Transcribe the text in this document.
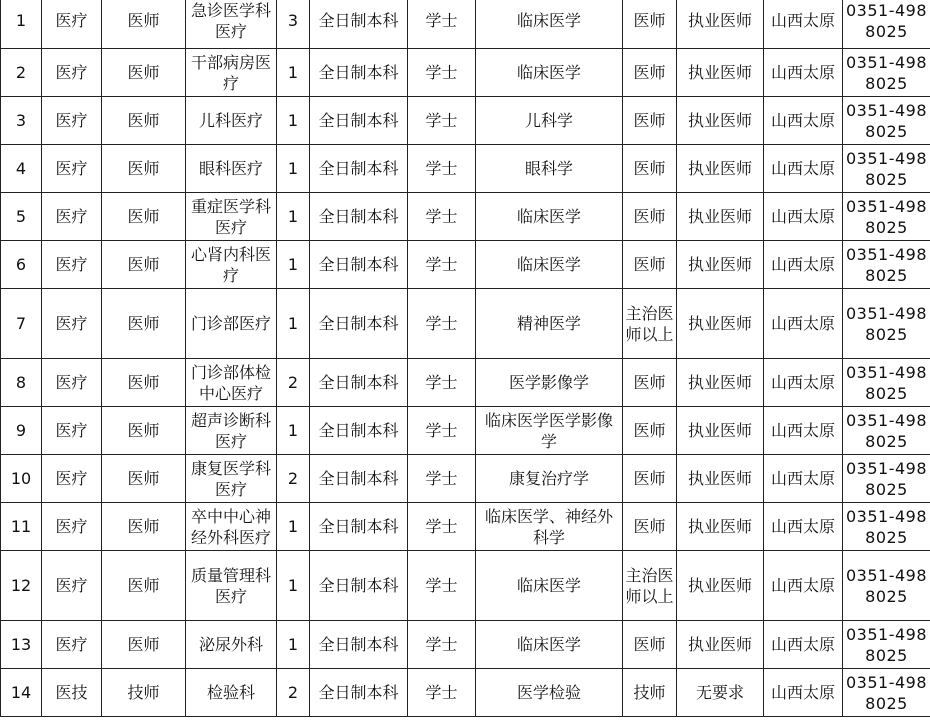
1	医疗	医师	急诊医学科医疗	3	全日制本科	学士	临床医学	医师	执业医师	山西太原	0351-4988025
2	医疗	医师	干部病房医疗	1	全日制本科	学士	临床医学	医师	执业医师	山西太原	0351-4988025
3	医疗	医师	儿科医疗	1	全日制本科	学士	儿科学	医师	执业医师	山西太原	0351-4988025
4	医疗	医师	眼科医疗	1	全日制本科	学士	眼科学	医师	执业医师	山西太原	0351-4988025
5	医疗	医师	重症医学科医疗	1	全日制本科	学士	临床医学	医师	执业医师	山西太原	0351-4988025
6	医疗	医师	心肾内科医疗	1	全日制本科	学士	临床医学	医师	执业医师	山西太原	0351-4988025
7	医疗	医师	门诊部医疗	1	全日制本科	学士	精神医学	主治医师以上	执业医师	山西太原	0351-4988025
8	医疗	医师	门诊部体检中心医疗	2	全日制本科	学士	医学影像学	医师	执业医师	山西太原	0351-4988025
9	医疗	医师	超声诊断科医疗	1	全日制本科	学士	临床医学医学影像学	医师	执业医师	山西太原	0351-4988025
10	医疗	医师	康复医学科医疗	2	全日制本科	学士	康复治疗学	医师	执业医师	山西太原	0351-4988025
11	医疗	医师	卒中中心神经外科医疗	1	全日制本科	学士	临床医学、神经外科学	医师	执业医师	山西太原	0351-4988025
12	医疗	医师	质量管理科医疗	1	全日制本科	学士	临床医学	主治医师以上	执业医师	山西太原	0351-4988025
13	医疗	医师	泌尿外科	1	全日制本科	学士	临床医学	医师	执业医师	山西太原	0351-4988025
14	医技	技师	检验科	2	全日制本科	学士	医学检验	技师	无要求	山西太原	0351-4988025
